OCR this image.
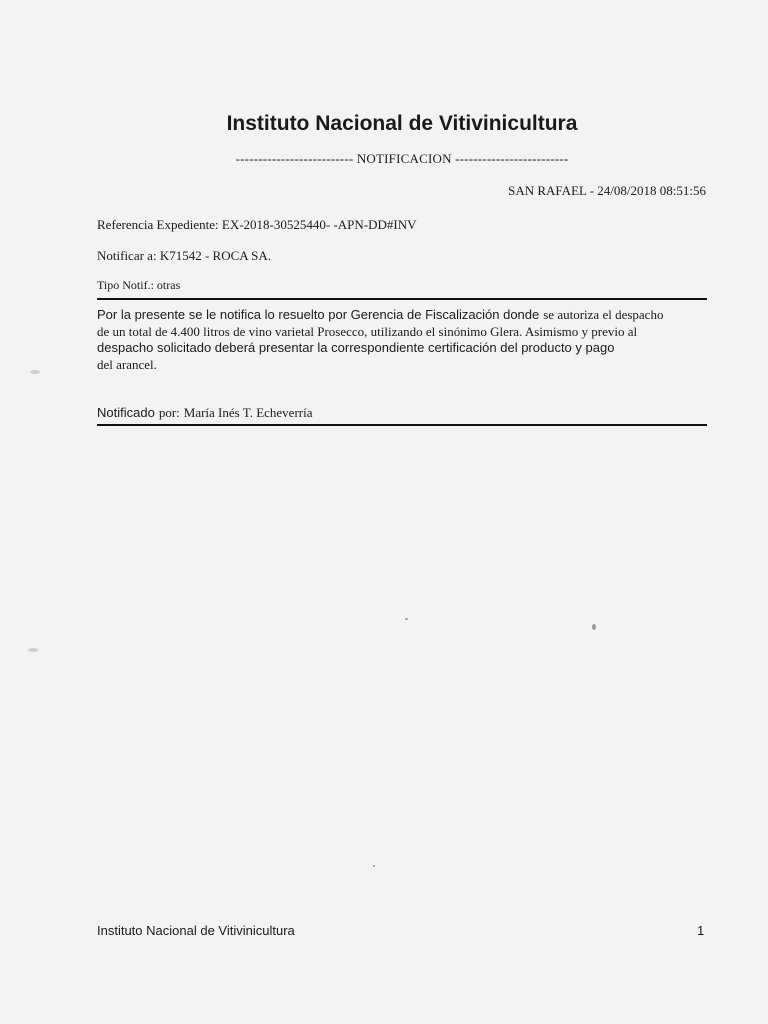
Instituto Nacional de Vitivinicultura
-------------------------- NOTIFICACION -------------------------
SAN RAFAEL - 24/08/2018 08:51:56
Referencia Expediente: EX-2018-30525440- -APN-DD#INV
Notificar a: K71542 - ROCA SA.
Tipo Notif.: otras
Por la presente se le notifica lo resuelto por Gerencia de Fiscalización donde se autoriza el despacho
de un total de 4.400 litros de vino varietal Prosecco, utilizando el sinónimo Glera. Asimismo y previo al
despacho solicitado deberá presentar la correspondiente certificación del producto y pago
del arancel.
Notificado por: María Inés T. Echeverría
Instituto Nacional de Vitivinicultura	1
